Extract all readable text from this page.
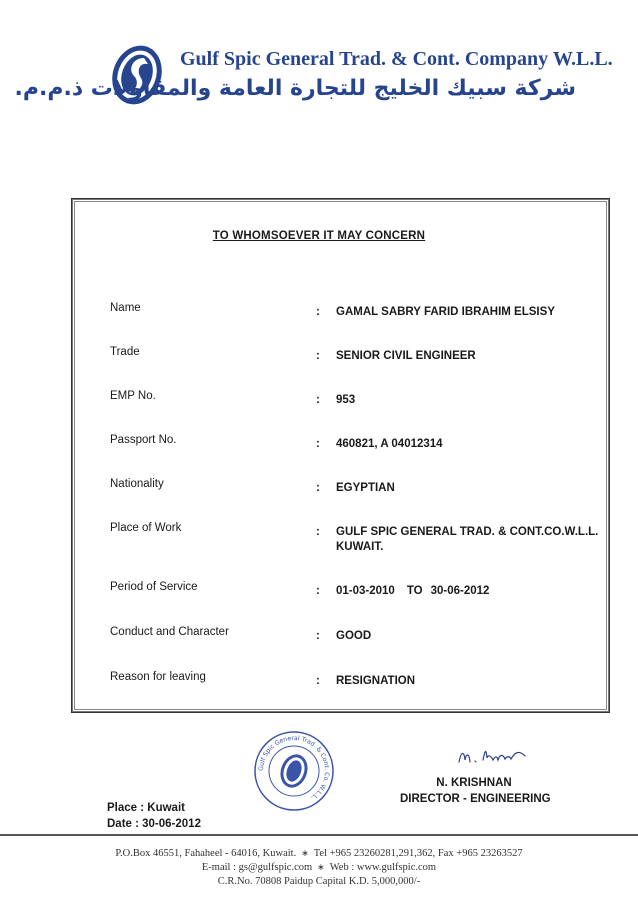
Gulf Spic General Trad. & Cont. Company W.L.L.
شركة سبيك الخليج للتجارة العامة والمقاولات ذ.م.م.
TO WHOMSOEVER IT MAY CONCERN
Name	: GAMAL SABRY FARID IBRAHIM ELSISY
Trade	: SENIOR CIVIL ENGINEER
EMP No.	: 953
Passport No.	: 460821, A 04012314
Nationality	: EGYPTIAN
Place of Work	: GULF SPIC GENERAL TRAD. & CONT.CO.W.L.L.
KUWAIT.
Period of Service	: 01-03-2010 TO 30-06-2012
Conduct and Character	: GOOD
Reason for leaving	: RESIGNATION
Gulf Spic General Trad. & Cont. Co. W.L.L.
N. KRISHNAN
DIRECTOR - ENGINEERING
Place : Kuwait
Date : 30-06-2012
P.O.Box 46551, Fahaheel - 64016, Kuwait. ∗ Tel +965 23260281,291,362, Fax +965 23263527
E-mail : gs@gulfspic.com ∗ Web : www.gulfspic.com
C.R.No. 70808 Paidup Capital K.D. 5,000,000/-
